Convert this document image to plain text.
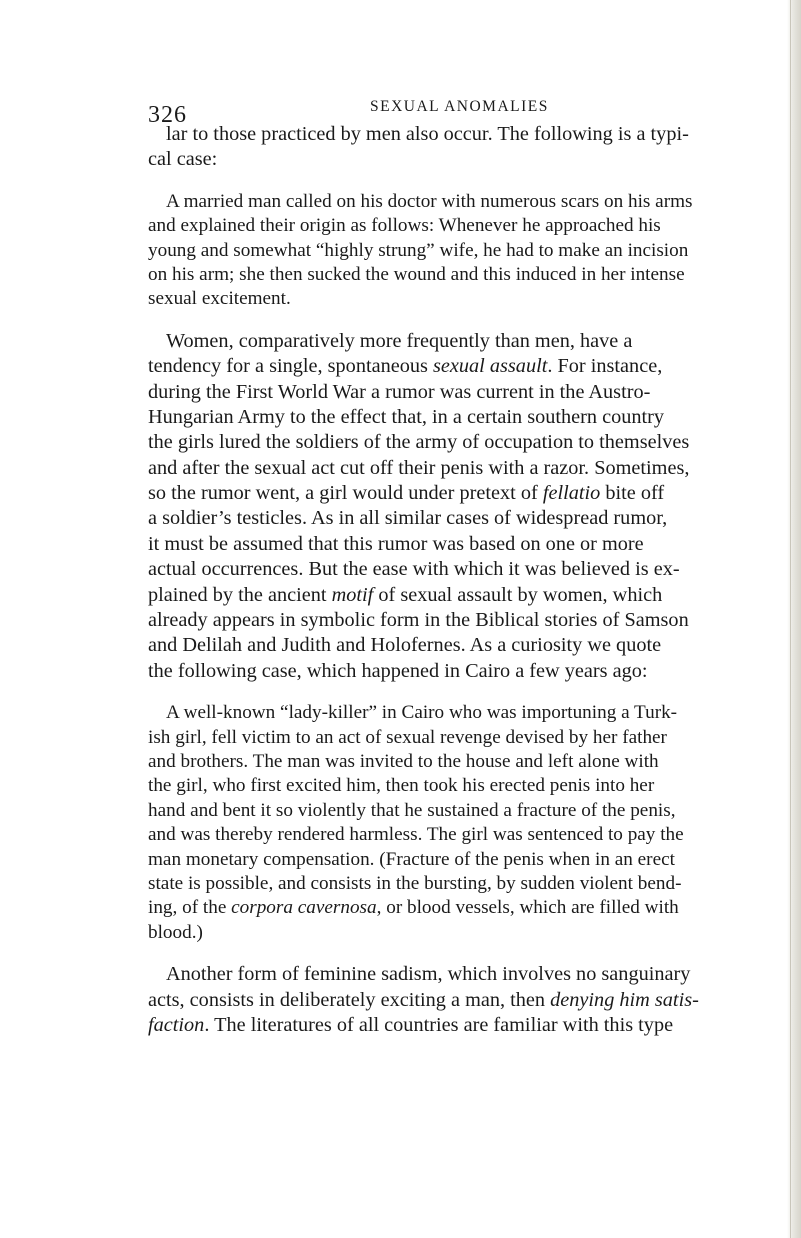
326	SEXUAL ANOMALIES
lar to those practiced by men also occur. The following is a typi-
cal case:
A married man called on his doctor with numerous scars on his arms
and explained their origin as follows: Whenever he approached his
young and somewhat “highly strung” wife, he had to make an incision
on his arm; she then sucked the wound and this induced in her intense
sexual excitement.
Women, comparatively more frequently than men, have a
tendency for a single, spontaneous sexual assault. For instance,
during the First World War a rumor was current in the Austro-
Hungarian Army to the effect that, in a certain southern country
the girls lured the soldiers of the army of occupation to themselves
and after the sexual act cut off their penis with a razor. Sometimes,
so the rumor went, a girl would under pretext of fellatio bite off
a soldier’s testicles. As in all similar cases of widespread rumor,
it must be assumed that this rumor was based on one or more
actual occurrences. But the ease with which it was believed is ex-
plained by the ancient motif of sexual assault by women, which
already appears in symbolic form in the Biblical stories of Samson
and Delilah and Judith and Holofernes. As a curiosity we quote
the following case, which happened in Cairo a few years ago:
A well-known “lady-killer” in Cairo who was importuning a Turk-
ish girl, fell victim to an act of sexual revenge devised by her father
and brothers. The man was invited to the house and left alone with
the girl, who first excited him, then took his erected penis into her
hand and bent it so violently that he sustained a fracture of the penis,
and was thereby rendered harmless. The girl was sentenced to pay the
man monetary compensation. (Fracture of the penis when in an erect
state is possible, and consists in the bursting, by sudden violent bend-
ing, of the corpora cavernosa, or blood vessels, which are filled with
blood.)
Another form of feminine sadism, which involves no sanguinary
acts, consists in deliberately exciting a man, then denying him satis-
faction. The literatures of all countries are familiar with this type
